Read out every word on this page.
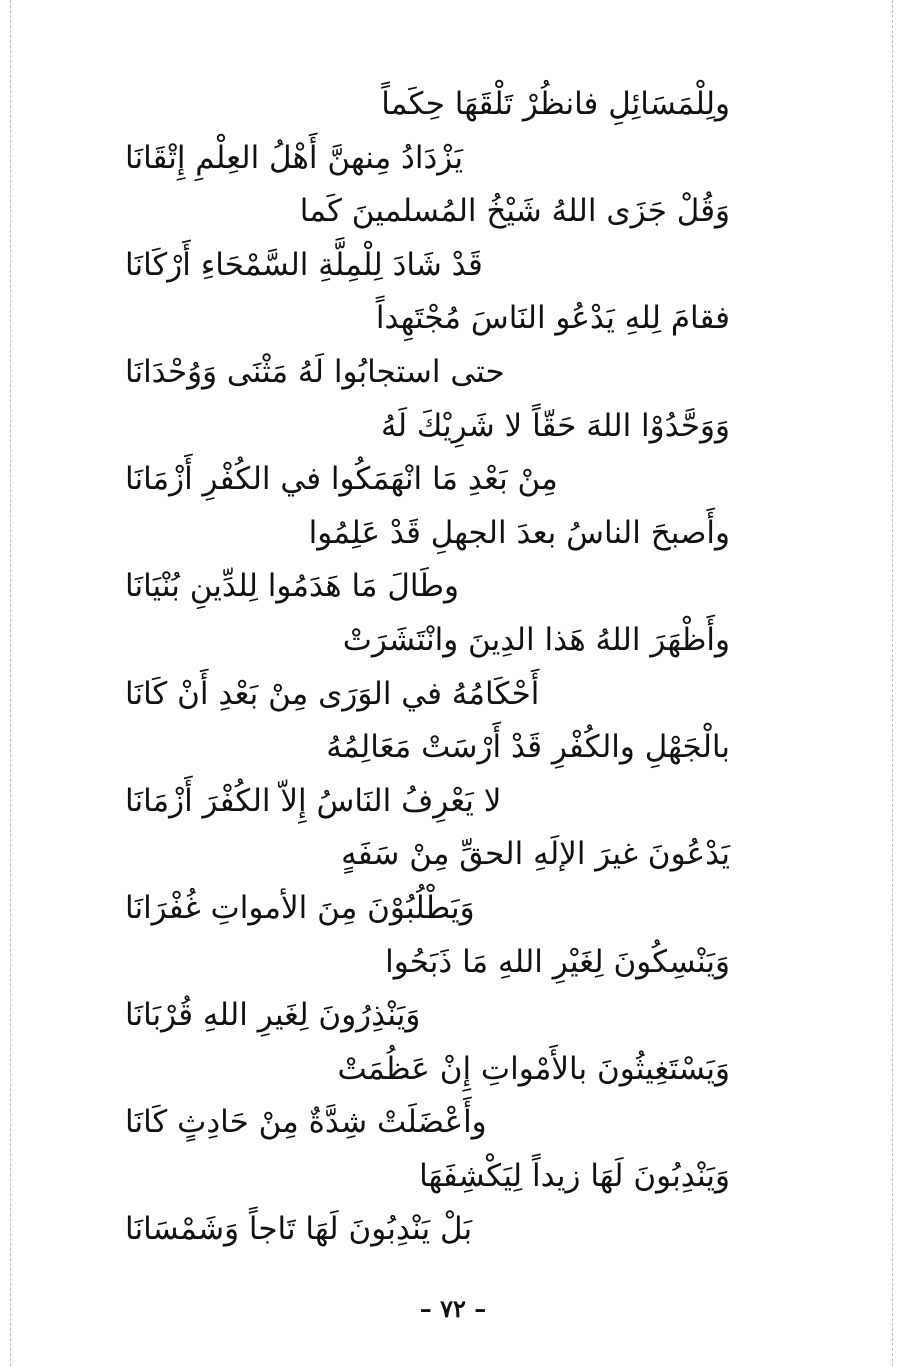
ولِلْمَسَائِلِ فانظُرْ تَلْقَهَا حِكَماً
يَزْدَادُ مِنهنَّ أَهْلُ العِلْمِ إِتْقَانَا
وَقُلْ جَزَى اللهُ شَيْخُ المُسلمينَ كَما
قَدْ شَادَ لِلْمِلَّةِ السَّمْحَاءِ أَرْكَانَا
فقامَ لِلهِ يَدْعُو النَاسَ مُجْتَهِداً
حتى استجابُوا لَهُ مَثْنَى وَوُحْدَانَا
وَوَحَّدُوْا اللهَ حَقّاً لا شَرِيْكَ لَهُ
مِنْ بَعْدِ مَا انْهَمَكُوا في الكُفْرِ أَزْمَانَا
وأَصبحَ الناسُ بعدَ الجهلِ قَدْ عَلِمُوا
وطَالَ مَا هَدَمُوا لِلدِّينِ بُنْيَانَا
وأَظْهَرَ اللهُ هَذا الدِينَ وانْتَشَرَتْ
أَحْكَامُهُ في الوَرَى مِنْ بَعْدِ أَنْ كَانَا
بالْجَهْلِ والكُفْرِ قَدْ أَرْسَتْ مَعَالِمُهُ
لا يَعْرِفُ النَاسُ إِلاّ الكُفْرَ أَزْمَانَا
يَدْعُونَ غيرَ الإلَهِ الحقِّ مِنْ سَفَهٍ
وَيَطْلُبُوْنَ مِنَ الأمواتِ غُفْرَانَا
وَيَنْسِكُونَ لِغَيْرِ اللهِ مَا ذَبَحُوا
وَيَنْذِرُونَ لِغَيرِ اللهِ قُرْبَانَا
وَيَسْتَغِيثُونَ بالأَمْواتِ إِنْ عَظُمَتْ
وأَعْضَلَتْ شِدَّةٌ مِنْ حَادِثٍ كَانَا
وَيَنْدِبُونَ لَهَا زيداً لِيَكْشِفَهَا
بَلْ يَنْدِبُونَ لَهَا تَاجاً وَشَمْسَانَا
– ٧٢ –
